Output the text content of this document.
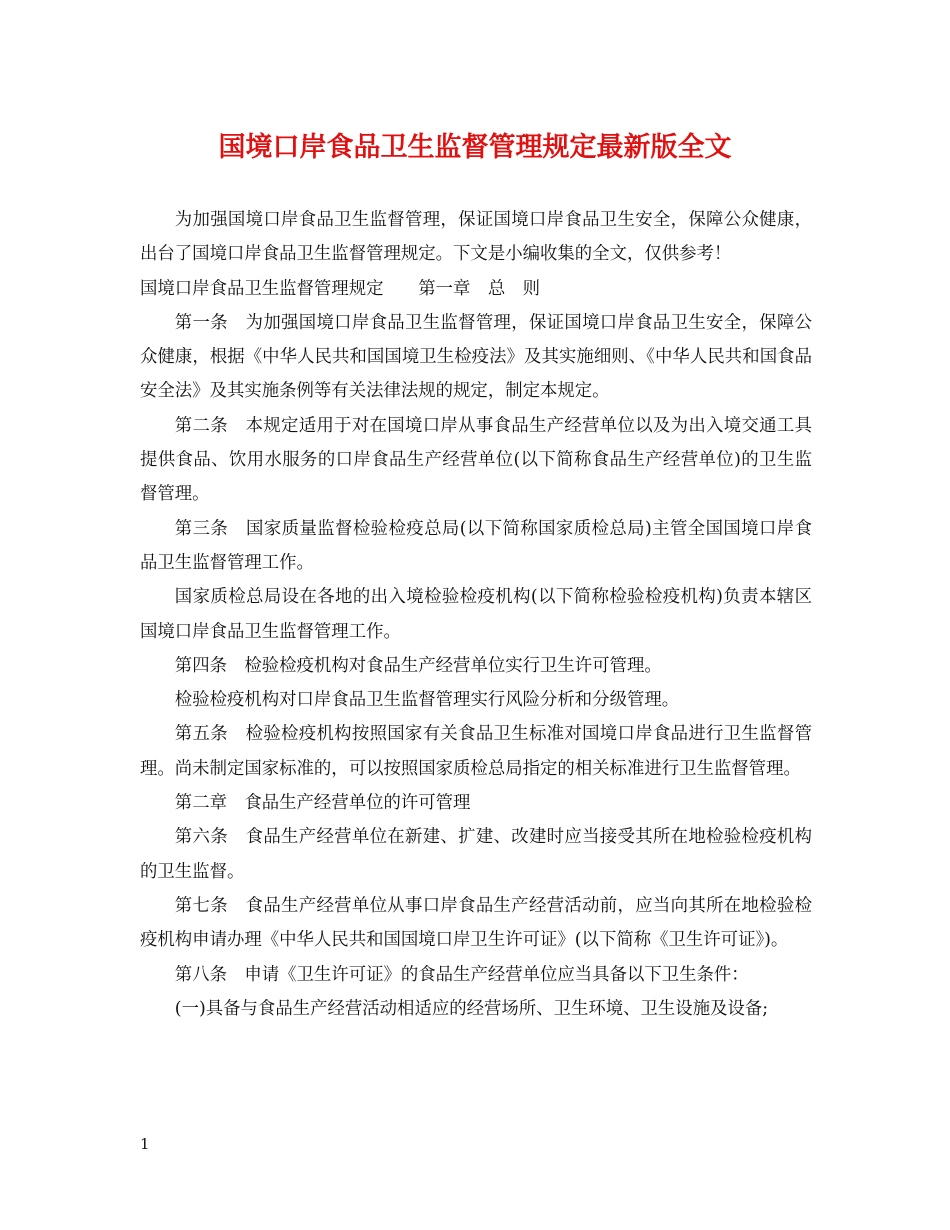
国境口岸食品卫生监督管理规定最新版全文

为加强国境口岸食品卫生监督管理，保证国境口岸食品卫生安全，保障公众健康，出台了国境口岸食品卫生监督管理规定。下文是小编收集的全文，仅供参考！

国境口岸食品卫生监督管理规定　　第一章　总　则

第一条　为加强国境口岸食品卫生监督管理，保证国境口岸食品卫生安全，保障公众健康，根据《中华人民共和国国境卫生检疫法》及其实施细则、《中华人民共和国食品安全法》及其实施条例等有关法律法规的规定，制定本规定。

第二条　本规定适用于对在国境口岸从事食品生产经营单位以及为出入境交通工具提供食品、饮用水服务的口岸食品生产经营单位(以下简称食品生产经营单位)的卫生监督管理。

第三条　国家质量监督检验检疫总局(以下简称国家质检总局)主管全国国境口岸食品卫生监督管理工作。

国家质检总局设在各地的出入境检验检疫机构(以下简称检验检疫机构)负责本辖区国境口岸食品卫生监督管理工作。

第四条　检验检疫机构对食品生产经营单位实行卫生许可管理。

检验检疫机构对口岸食品卫生监督管理实行风险分析和分级管理。

第五条　检验检疫机构按照国家有关食品卫生标准对国境口岸食品进行卫生监督管理。尚未制定国家标准的，可以按照国家质检总局指定的相关标准进行卫生监督管理。

第二章　食品生产经营单位的许可管理

第六条　食品生产经营单位在新建、扩建、改建时应当接受其所在地检验检疫机构的卫生监督。

第七条　食品生产经营单位从事口岸食品生产经营活动前，应当向其所在地检验检疫机构申请办理《中华人民共和国国境口岸卫生许可证》(以下简称《卫生许可证》)。

第八条　申请《卫生许可证》的食品生产经营单位应当具备以下卫生条件：

(一)具备与食品生产经营活动相适应的经营场所、卫生环境、卫生设施及设备;

1
